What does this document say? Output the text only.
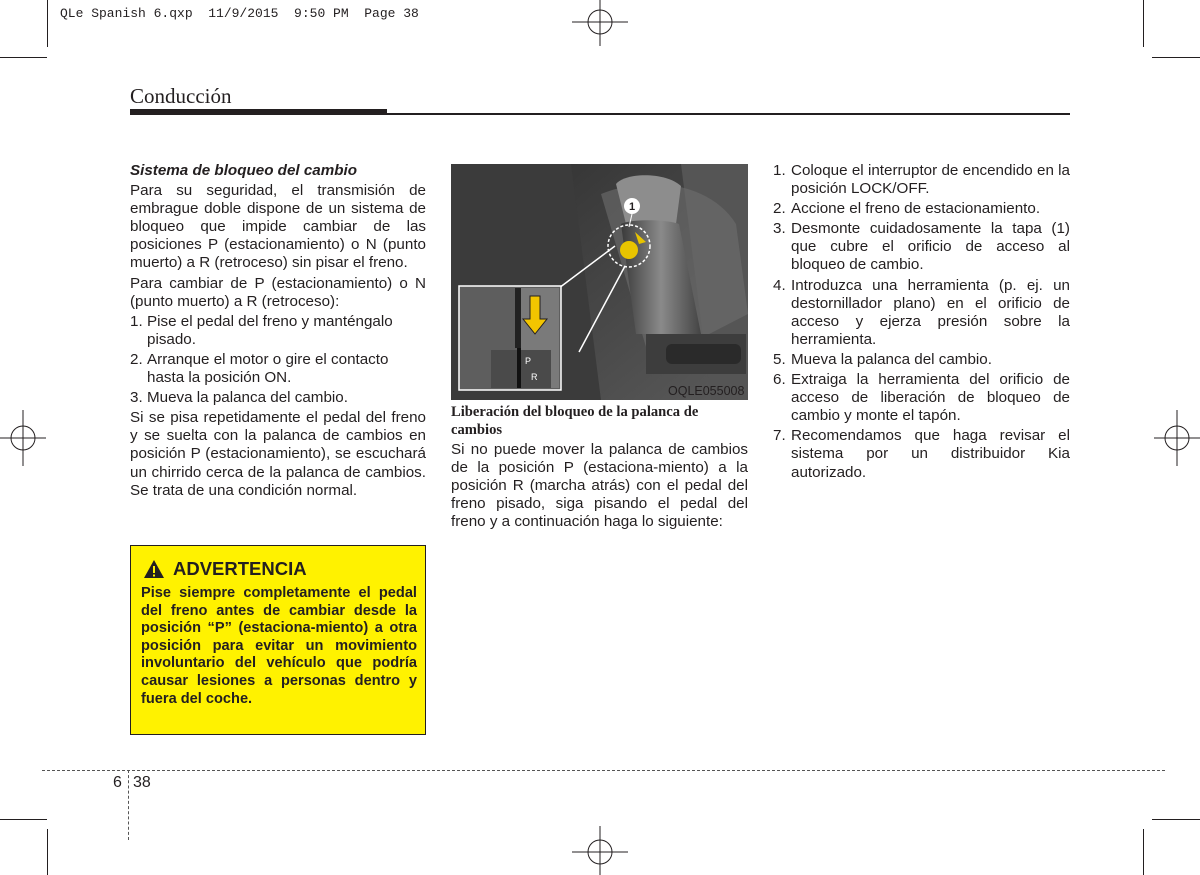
QLe Spanish 6.qxp  11/9/2015  9:50 PM  Page 38
Conducción

Sistema de bloqueo del cambio

Para su seguridad, el transmisión de embrague doble dispone de un sistema de bloqueo que impide cambiar de las posiciones P (estacionamiento) o N (punto muerto) a R (retroceso) sin pisar el freno.

Para cambiar de P (estacionamiento) o N (punto muerto) a R (retroceso):

1. Pise el pedal del freno y manténgalo pisado.
2. Arranque el motor o gire el contacto hasta la posición ON.
3. Mueva la palanca del cambio.

Si se pisa repetidamente el pedal del freno y se suelta con la palanca de cambios en posición P (estacionamiento), se escuchará un chirrido cerca de la palanca de cambios. Se trata de una condición normal.

ADVERTENCIA
Pise siempre completamente el pedal del freno antes de cambiar desde la posición “P” (estaciona-miento) a otra posición para evitar un movimiento involuntario del vehículo que podría causar lesiones a personas dentro y fuera del coche.
1
P
R
OQLE055008
Liberación del bloqueo de la palanca de cambios

Si no puede mover la palanca de cambios de la posición P (estaciona-miento) a la posición R (marcha atrás) con el pedal del freno pisado, siga pisando el pedal del freno y a continuación haga lo siguiente:

1. Coloque el interruptor de encendido en la posición LOCK/OFF.
2. Accione el freno de estacionamiento.
3. Desmonte cuidadosamente la tapa (1) que cubre el orificio de acceso al bloqueo de cambio.
4. Introduzca una herramienta (p. ej. un destornillador plano) en el orificio de acceso y ejerza presión sobre la herramienta.
5. Mueva la palanca del cambio.
6. Extraiga la herramienta del orificio de acceso de liberación de bloqueo de cambio y monte el tapón.
7. Recomendamos que haga revisar el sistema por un distribuidor Kia autorizado.
6 38
